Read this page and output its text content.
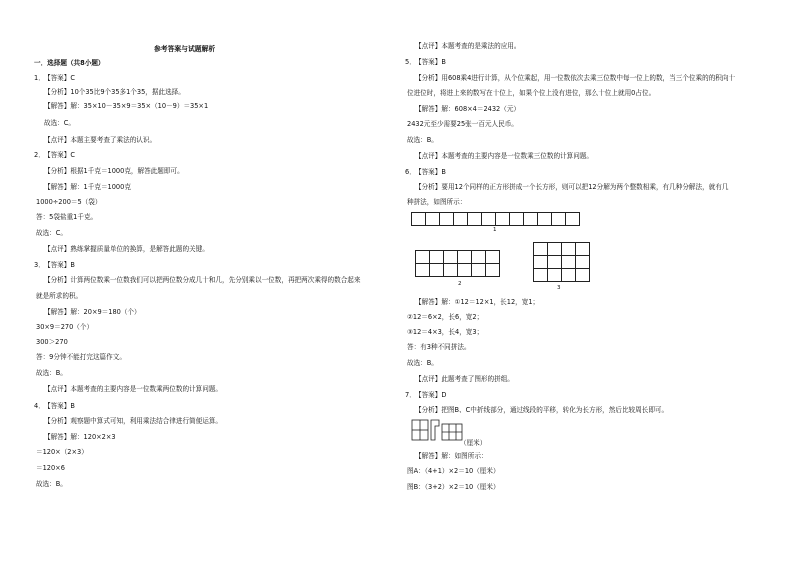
参考答案与试题解析
一．选择题（共8小题）
1． 【答案】C
【分析】10个35比9个35多1个35，据此选择。
【解答】解：35×10－35×9＝35×（10－9）＝35×1
故选：C。
【点评】本题主要考查了乘法的认识。
2． 【答案】C
【分析】根据1千克＝1000克，解答此题即可。
【解答】解：1千克＝1000克
1000÷200＝5（袋）
答：5袋盐重1千克。
故选：C。
【点评】熟练掌握质量单位的换算，是解答此题的关键。
3． 【答案】B
【分析】计算两位数乘一位数我们可以把两位数分成几十和几，先分别乘以一位数，再把两次乘得的数合起来
就是所求的积。
【解答】解：20×9＝180（个）
30×9＝270（个）
300＞270
答：9分钟不能打完这篇作文。
故选：B。
【点评】本题考查的主要内容是一位数乘两位数的计算问题。
4． 【答案】B
【分析】观察题中算式可知，利用乘法结合律进行简便运算。
【解答】解：120×2×3
＝120×（2×3）
＝120×6
故选：B。
【点评】本题考查的是乘法的应用。
5． 【答案】B
【分析】用608乘4进行计算，从个位乘起，用一位数依次去乘三位数中每一位上的数，当三个位乘的的积向十
位进位时，将进上来的数写在十位上，如果个位上没有进位，那么十位上就用0占位。
【解答】解：608×4＝2432（元）
2432元至少需要25张一百元人民币。
故选：B。
【点评】本题考查的主要内容是一位数乘三位数的计算问题。
6． 【答案】B
【分析】要用12个同样的正方形拼成一个长方形，则可以把12分解为两个整数相乘，有几种分解法，就有几
种拼法，如图所示：
1
2
3
【解答】解：①12＝12×1，长12，宽1；
②12＝6×2，长6，宽2；
③12＝4×3，长4，宽3；
答：有3种不同拼法。
故选：B。
【点评】此题考查了图形的拼组。
7． 【答案】D
【分析】把图B、C中折线部分，通过线段的平移，转化为长方形，然后比较周长即可。
（厘米）
【解答】解：如图所示：
图A：（4+1）×2＝10（厘米）
图B：（3+2）×2＝10（厘米）
